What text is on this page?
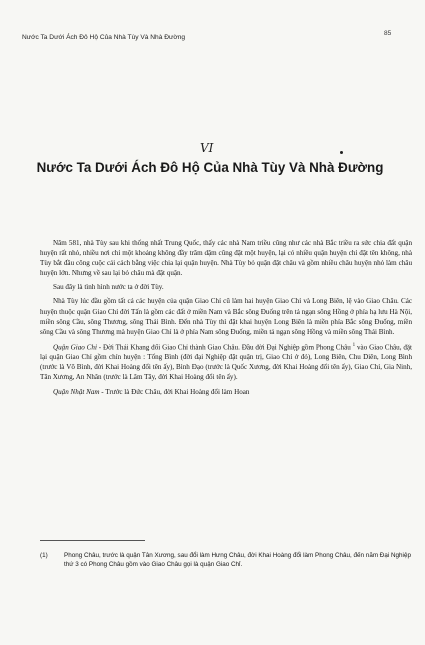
Nước Ta Dưới Ách Đô Hộ Của Nhà Tùy Và Nhà Đường
85
VI
Nước Ta Dưới Ách Đô Hộ Của Nhà Tùy Và Nhà Đường

Năm 581, nhà Tùy sau khi thống nhất Trung Quốc, thấy các nhà Nam triều cũng như các nhà Bắc triều ra sức chia đất quận huyện rất nhỏ, nhiều nơi chỉ một khoảng không đầy trăm dặm cũng đặt một huyện, lại có nhiều quận huyện chỉ đặt tên không, nhà Tùy bắt đầu công cuộc cải cách bằng việc chia lại quận huyện. Nhà Tùy bỏ quận đặt châu và gồm nhiều châu huyện nhỏ làm châu huyện lớn. Nhưng về sau lại bỏ châu mà đặt quận.

Sau đây là tình hình nước ta ở đời Tùy.

Nhà Tùy lúc đầu gồm tất cả các huyện của quận Giao Chỉ cũ làm hai huyện Giao Chỉ và Long Biên, lệ vào Giao Châu. Các huyện thuộc quận Giao Chỉ đời Tấn là gồm các đất ở miền Nam và Bắc sông Đuống trên tả ngạn sông Hồng ở phía hạ lưu Hà Nội, miền sông Cầu, sông Thương, sông Thái Bình. Đến nhà Tùy thì đặt khai huyện Long Biên là miền phía Bắc sông Đuống, miền sông Cầu và sông Thương mà huyện Giao Chỉ là ở phía Nam sông Đuống, miền tả ngạn sông Hồng và miền sông Thái Bình.

Quận Giao Chỉ - Đời Thái Khang đổi Giao Chỉ thành Giao Châu. Đầu đời Đại Nghiệp gồm Phong Châu $^1$ vào Giao Châu, đặt lại quận Giao Chỉ gồm chín huyện : Tống Bình (đời đại Nghiệp đặt quận trị, Giao Chỉ ở đó), Long Biên, Chu Diên, Long Bình (trước là Võ Bình, đời Khai Hoàng đổi tên ấy), Bình Đạo (trước là Quốc Xương, đời Khai Hoàng đổi tên ấy), Giao Chỉ, Gia Ninh, Tân Xương, An Nhân (trước là Lâm Tây, đời Khai Hoàng đổi tên ấy).

Quận Nhật Nam - Trước là Đức Châu, đời Khai Hoàng đổi làm Hoan

(1)	Phong Châu, trước là quận Tân Xương, sau đổi làm Hưng Châu, đời Khai Hoàng đổi làm Phong Châu, đến năm Đại Nghiệp thứ 3 có Phong Châu gồm vào Giao Châu gọi là quận Giao Chỉ.
